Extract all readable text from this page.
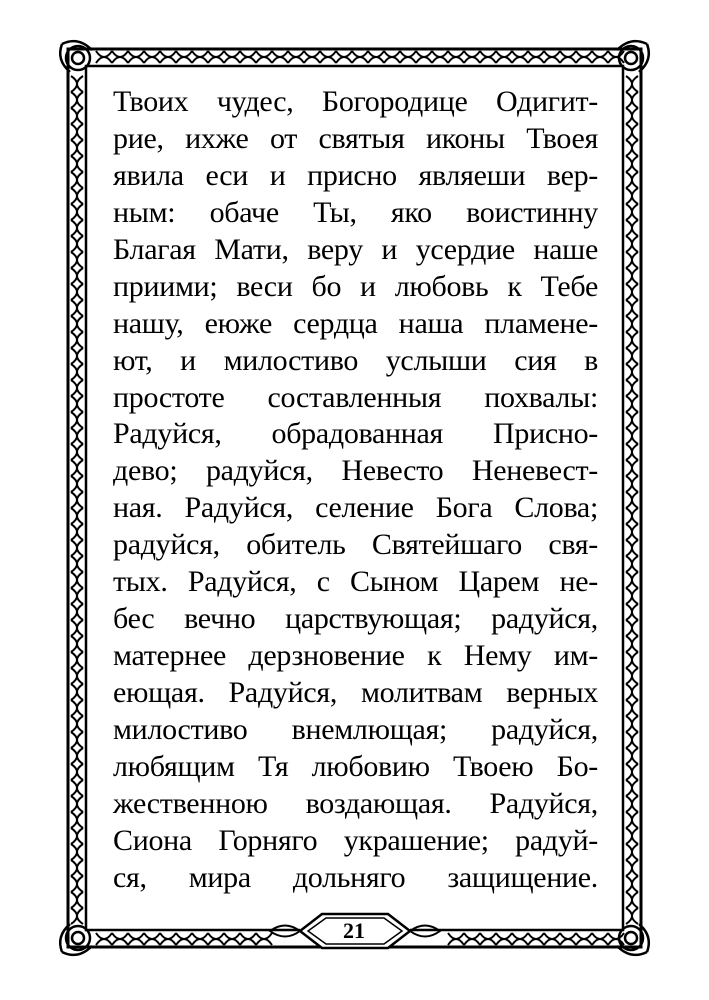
Твоих чудес, Богородице Одигит-
рие, ихже от святыя иконы Твоея
явила еси и присно являеши вер-
ным: обаче Ты, яко воистинну
Благая Мати, веру и усердие наше
приими; веси бо и любовь к Тебе
нашу, еюже сердца наша пламене-
ют, и милостиво услыши сия в
простоте составленныя похвалы:
Радуйся, обрадованная Присно-
дево; радуйся, Невесто Неневест-
ная. Радуйся, селение Бога Слова;
радуйся, обитель Святейшаго свя-
тых. Радуйся, с Сыном Царем не-
бес вечно царствующая; радуйся,
матернее дерзновение к Нему им-
еющая. Радуйся, молитвам верных
милостиво внемлющая; радуйся,
любящим Тя любовию Твоею Бо-
жественною воздающая. Радуйся,
Сиона Горняго украшение; радуй-
ся, мира дольняго защищение.
21
